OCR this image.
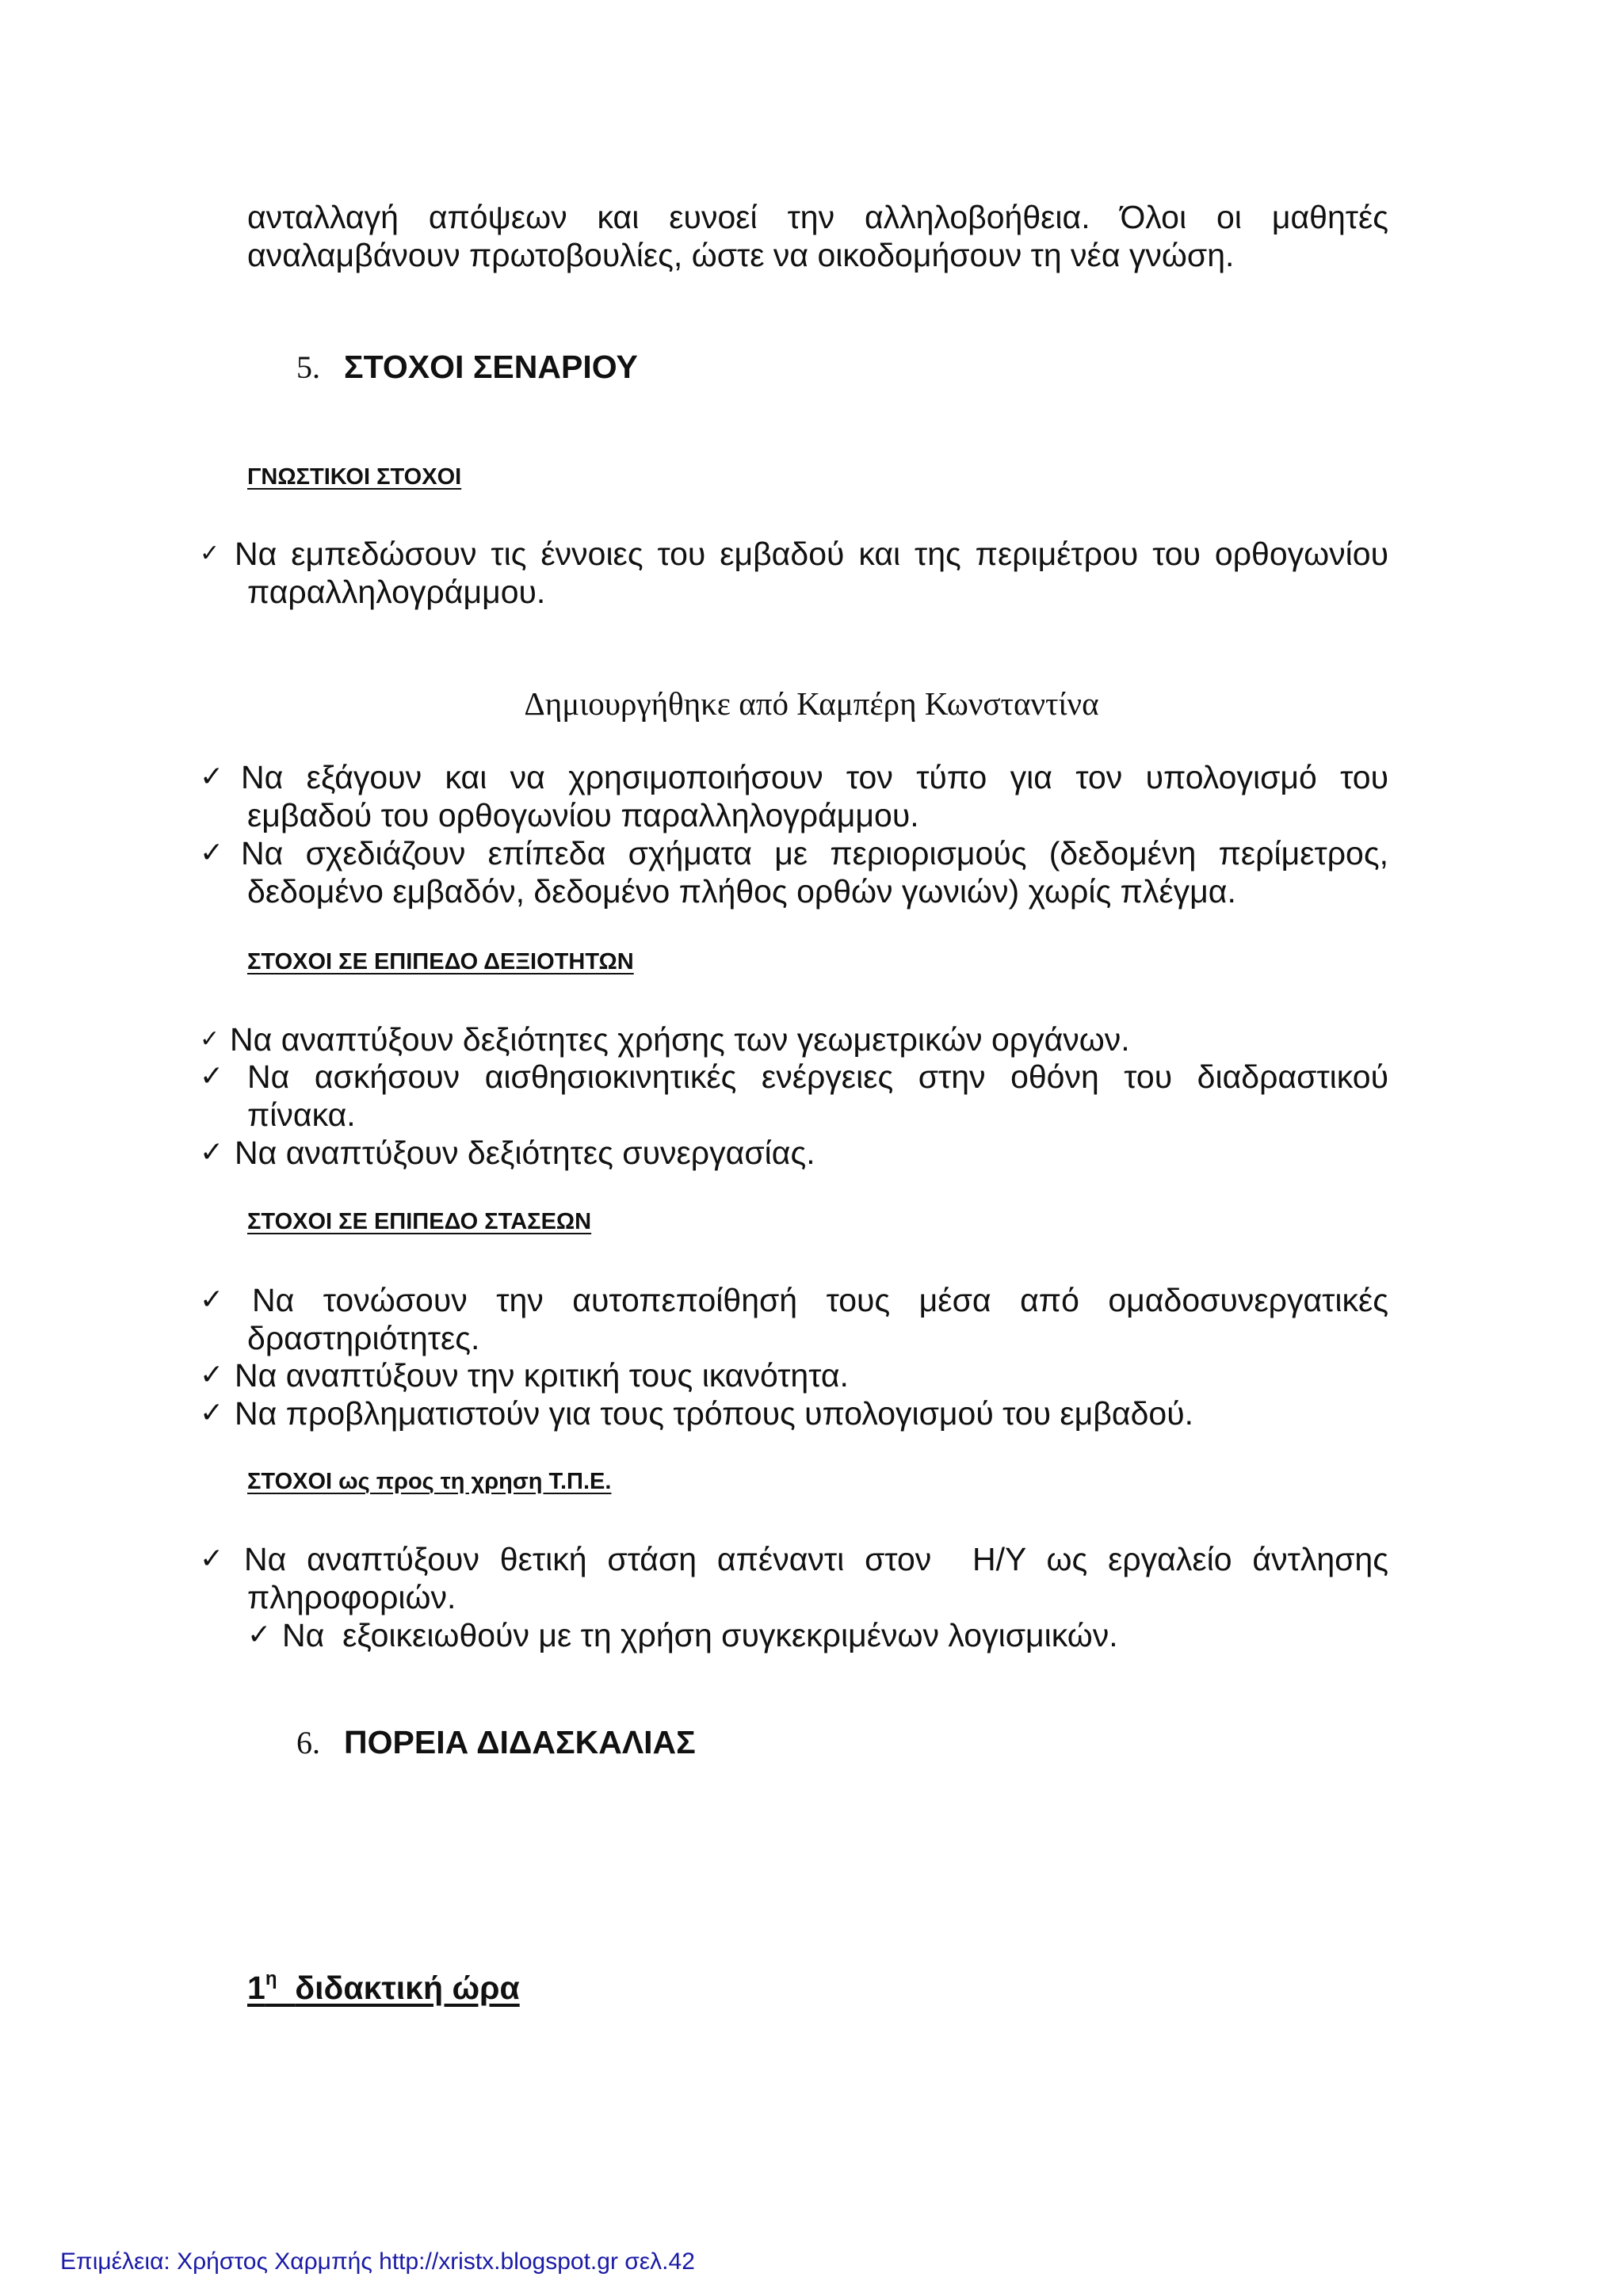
ανταλλαγή απόψεων και ευνοεί την αλληλοβοήθεια. Όλοι οι μαθητές
αναλαμβάνουν πρωτοβουλίες, ώστε να οικοδομήσουν τη νέα γνώση.
5. ΣΤΟΧΟΙ ΣΕΝΑΡΙΟΥ
ΓΝΩΣΤΙΚΟΙ ΣΤΟΧΟΙ
✓ Να εμπεδώσουν τις έννοιες του εμβαδού και της περιμέτρου του ορθογωνίου
παραλληλογράμμου.
Δημιουργήθηκε από Καμπέρη Κωνσταντίνα
✓ Να εξάγουν και να χρησιμοποιήσουν τον τύπο για τον υπολογισμό του
εμβαδού του ορθογωνίου παραλληλογράμμου.
✓ Να σχεδιάζουν επίπεδα σχήματα με περιορισμούς (δεδομένη περίμετρος,
δεδομένο εμβαδόν, δεδομένο πλήθος ορθών γωνιών) χωρίς πλέγμα.
ΣΤΟΧΟΙ ΣΕ ΕΠΙΠΕΔΟ ΔΕΞΙΟΤΗΤΩΝ
✓ Να αναπτύξουν δεξιότητες χρήσης των γεωμετρικών οργάνων.
✓ Να ασκήσουν αισθησιοκινητικές ενέργειες στην οθόνη του διαδραστικού
πίνακα.
✓ Να αναπτύξουν δεξιότητες συνεργασίας.
ΣΤΟΧΟΙ ΣΕ ΕΠΙΠΕΔΟ ΣΤΑΣΕΩΝ
✓ Να τονώσουν την αυτοπεποίθησή τους μέσα από ομαδοσυνεργατικές
δραστηριότητες.
✓ Να αναπτύξουν την κριτική τους ικανότητα.
✓ Να προβληματιστούν για τους τρόπους υπολογισμού του εμβαδού.
ΣΤΟΧΟΙ ως προς τη χρηση Τ.Π.Ε.
✓ Να αναπτύξουν θετική στάση απέναντι στον  Η/Υ ως εργαλείο άντλησης
πληροφοριών.
✓ Να  εξοικειωθούν με τη χρήση συγκεκριμένων λογισμικών.
6. ΠΟΡΕΙΑ ΔΙΔΑΣΚΑΛΙΑΣ
$1^\eta$ διδακτική ώρα
Επιμέλεια: Χρήστος Χαρμπής http://xristx.blogspot.gr σελ.42
